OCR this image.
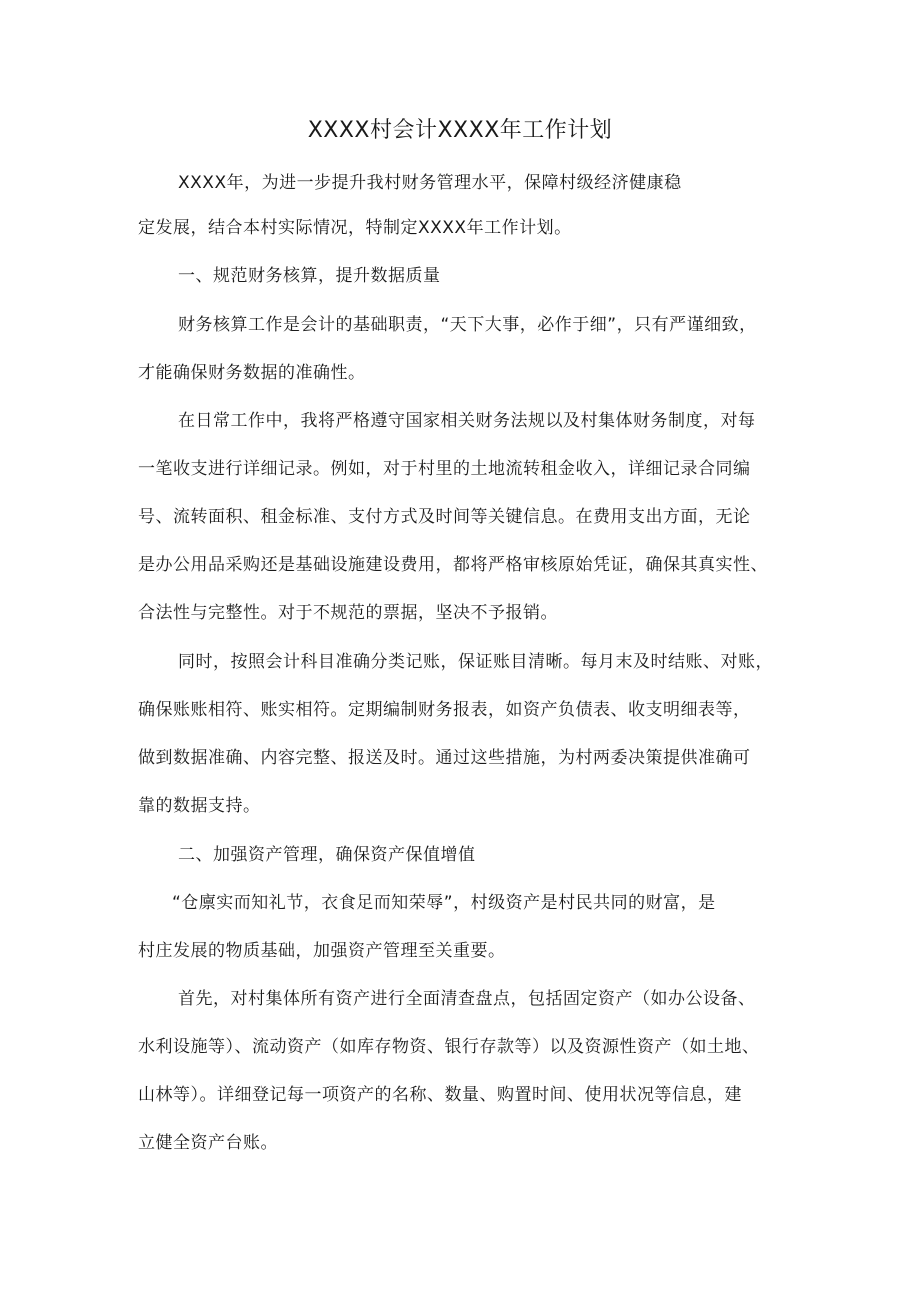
XXXX村会计XXXX年工作计划

XXXX年，为进一步提升我村财务管理水平，保障村级经济健康稳

定发展，结合本村实际情况，特制定XXXX年工作计划。

一、规范财务核算，提升数据质量

财务核算工作是会计的基础职责，“天下大事，必作于细”，只有严谨细致，

才能确保财务数据的准确性。

在日常工作中，我将严格遵守国家相关财务法规以及村集体财务制度，对每

一笔收支进行详细记录。例如，对于村里的土地流转租金收入，详细记录合同编

号、流转面积、租金标准、支付方式及时间等关键信息。在费用支出方面，无论

是办公用品采购还是基础设施建设费用，都将严格审核原始凭证，确保其真实性、

合法性与完整性。对于不规范的票据，坚决不予报销。

同时，按照会计科目准确分类记账，保证账目清晰。每月末及时结账、对账，

确保账账相符、账实相符。定期编制财务报表，如资产负债表、收支明细表等，

做到数据准确、内容完整、报送及时。通过这些措施，为村两委决策提供准确可

靠的数据支持。

二、加强资产管理，确保资产保值增值

“仓廪实而知礼节，衣食足而知荣辱”，村级资产是村民共同的财富，是

村庄发展的物质基础，加强资产管理至关重要。

首先，对村集体所有资产进行全面清查盘点，包括固定资产（如办公设备、

水利设施等）、流动资产（如库存物资、银行存款等）以及资源性资产（如土地、

山林等）。详细登记每一项资产的名称、数量、购置时间、使用状况等信息，建

立健全资产台账。
